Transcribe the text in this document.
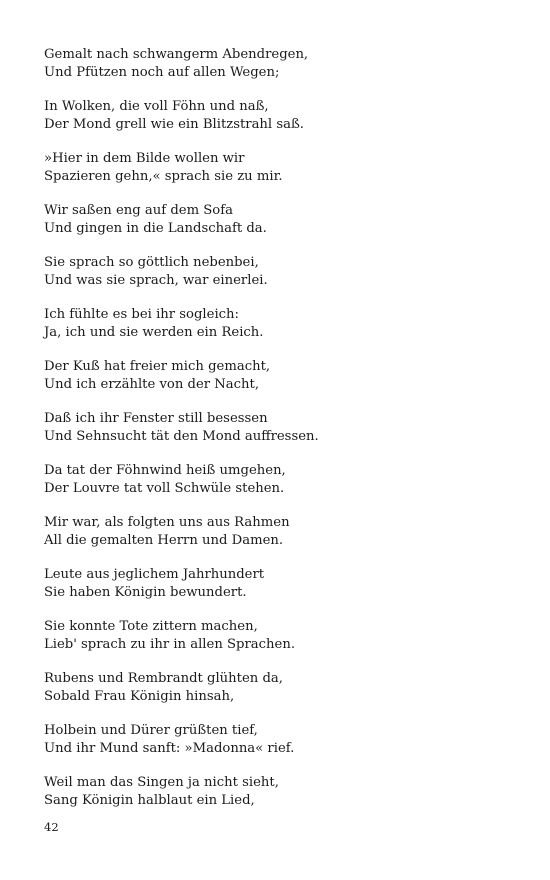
Gemalt nach schwangerm Abendregen,
Und Pfützen noch auf allen Wegen;
In Wolken, die voll Föhn und naß,
Der Mond grell wie ein Blitzstrahl saß.
»Hier in dem Bilde wollen wir
Spazieren gehn,« sprach sie zu mir.
Wir saßen eng auf dem Sofa
Und gingen in die Landschaft da.
Sie sprach so göttlich nebenbei,
Und was sie sprach, war einerlei.
Ich fühlte es bei ihr sogleich:
Ja, ich und sie werden ein Reich.
Der Kuß hat freier mich gemacht,
Und ich erzählte von der Nacht,
Daß ich ihr Fenster still besessen
Und Sehnsucht tät den Mond auffressen.
Da tat der Föhnwind heiß umgehen,
Der Louvre tat voll Schwüle stehen.
Mir war, als folgten uns aus Rahmen
All die gemalten Herrn und Damen.
Leute aus jeglichem Jahrhundert
Sie haben Königin bewundert.
Sie konnte Tote zittern machen,
Lieb' sprach zu ihr in allen Sprachen.
Rubens und Rembrandt glühten da,
Sobald Frau Königin hinsah,
Holbein und Dürer grüßten tief,
Und ihr Mund sanft: »Madonna« rief.
Weil man das Singen ja nicht sieht,
Sang Königin halblaut ein Lied,
42
